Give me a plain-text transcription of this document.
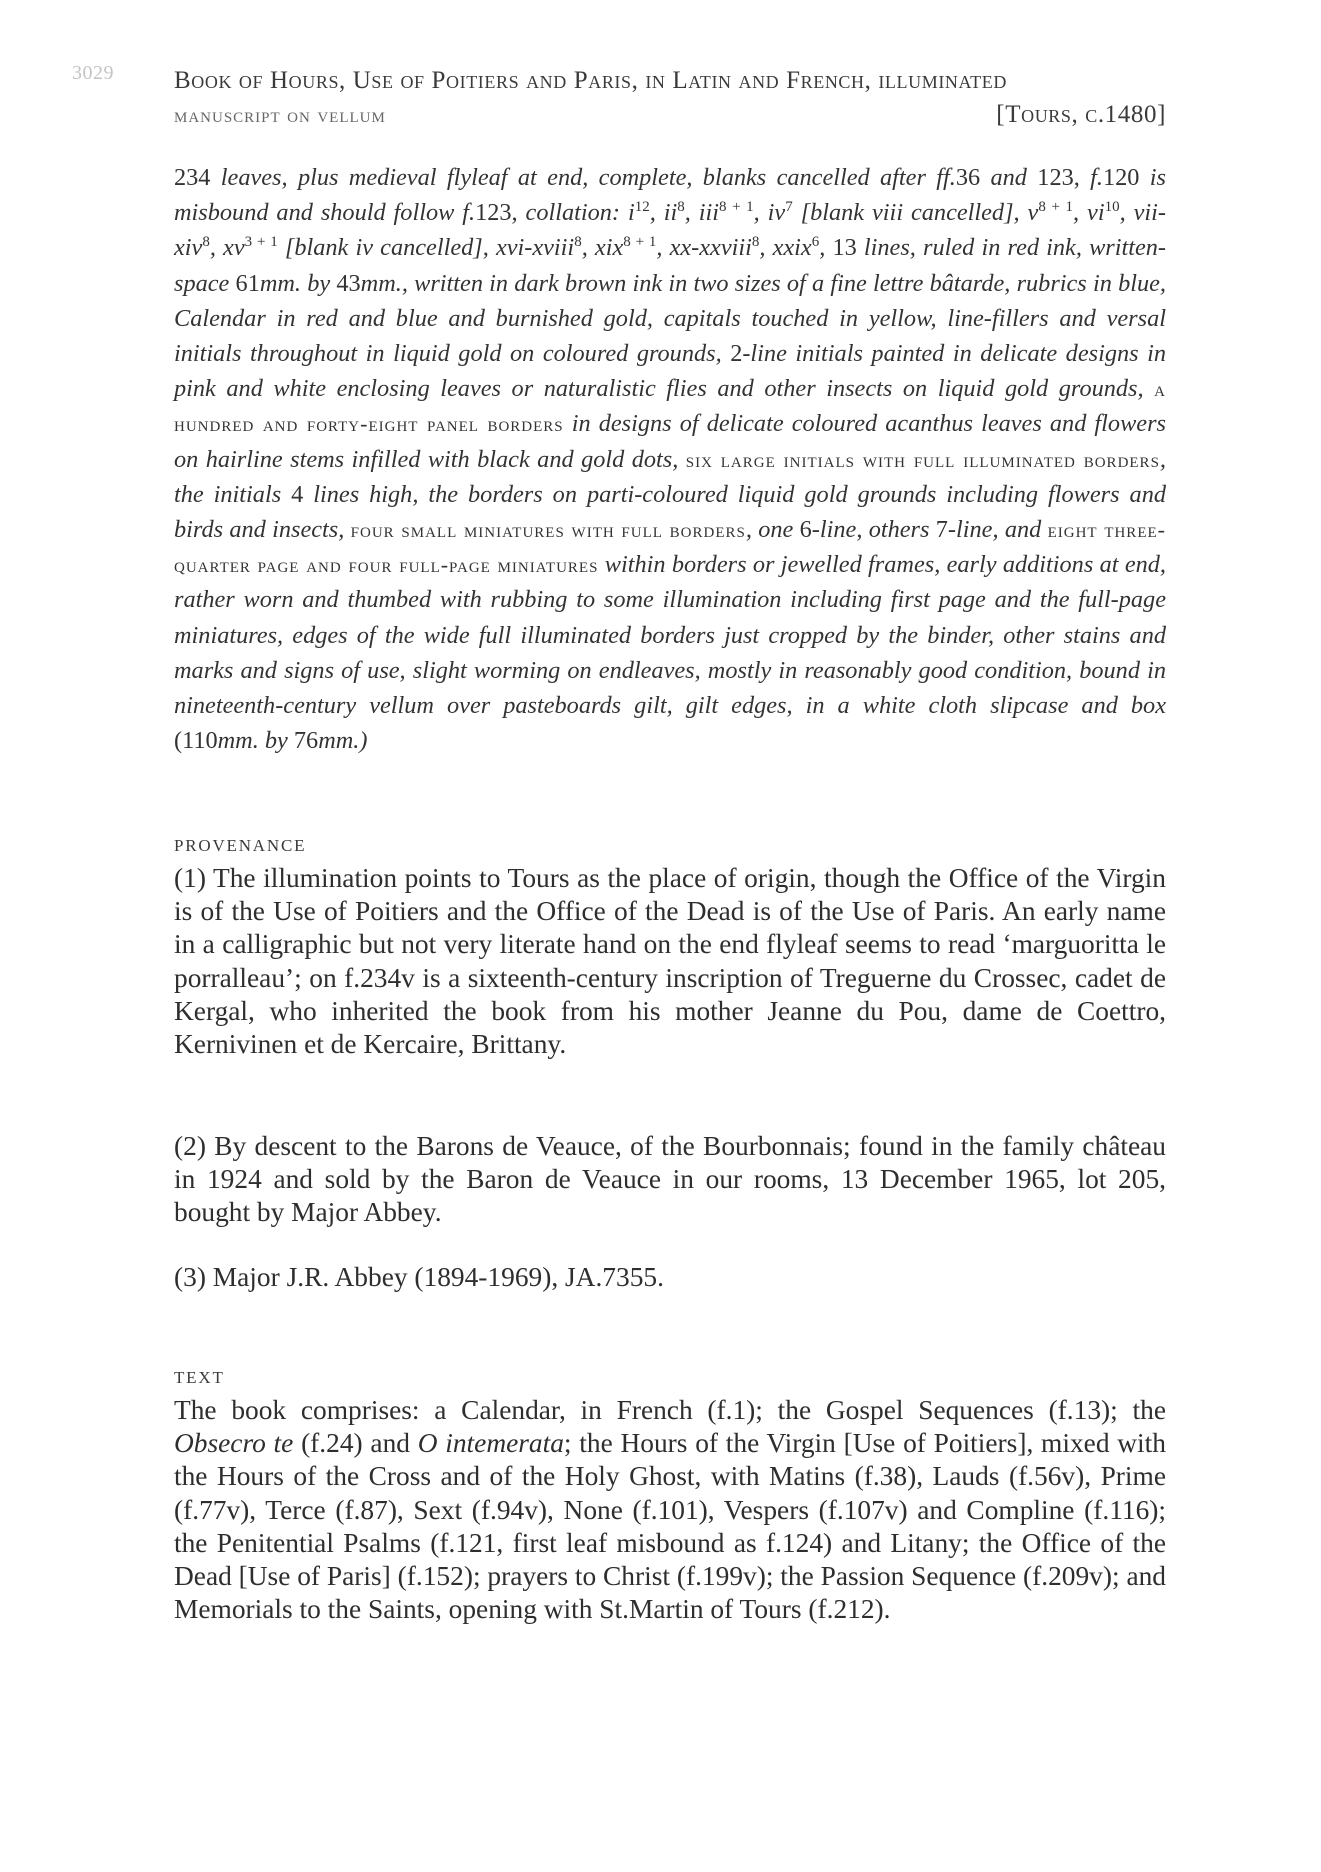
3029 Book of Hours, Use of Poitiers and Paris, in Latin and French, illuminated
manuscript on vellum	[Tours, c.1480]
234 leaves, plus medieval flyleaf at end, complete, blanks cancelled after ff.36 and 123, f.120 is misbound and should follow f.123, collation: $i^{12}$, $ii^8$, iii$^{8 + 1}$, $iv^7$ [blank viii cancelled], $v^{8 + 1}$, $vi^{10}$, vii-xiv$^8$, $xv^{3 + 1}$ [blank iv cancelled], xvi-xviii$^8$, xix$^{8 + 1}$, xx-xxviii$^8$, xxix$^6$, 13 lines, ruled in red ink, written-space 61mm. by 43mm., written in dark brown ink in two sizes of a fine lettre bâtarde, rubrics in blue, Calendar in red and blue and burnished gold, capitals touched in yellow, line-fillers and versal initials throughout in liquid gold on coloured grounds, 2-line initials painted in delicate designs in pink and white enclosing leaves or naturalistic flies and other insects on liquid gold grounds, a hundred and forty-eight panel borders in designs of delicate coloured acanthus leaves and flowers on hairline stems infilled with black and gold dots, six large initials with full illuminated borders, the initials 4 lines high, the borders on parti-coloured liquid gold grounds including flowers and birds and insects, four small miniatures with full borders, one 6-line, others 7-line, and eight three-quarter page and four full-page miniatures within borders or jewelled frames, early additions at end, rather worn and thumbed with rubbing to some illumination including first page and the full-page miniatures, edges of the wide full illuminated borders just cropped by the binder, other stains and marks and signs of use, slight worming on endleaves, mostly in reasonably good condition, bound in nineteenth-century vellum over pasteboards gilt, gilt edges, in a white cloth slipcase and box (110mm. by 76mm.)
PROVENANCE
(1) The illumination points to Tours as the place of origin, though the Office of the Virgin is of the Use of Poitiers and the Office of the Dead is of the Use of Paris. An early name in a calligraphic but not very literate hand on the end flyleaf seems to read ‘marguoritta le porralleau’; on f.234v is a sixteenth-century inscription of Treguerne du Crossec, cadet de Kergal, who inherited the book from his mother Jeanne du Pou, dame de Coettro, Kernivinen et de Kercaire, Brittany.
(2) By descent to the Barons de Veauce, of the Bourbonnais; found in the family château in 1924 and sold by the Baron de Veauce in our rooms, 13 December 1965, lot 205, bought by Major Abbey.
(3) Major J.R. Abbey (1894-1969), JA.7355.
TEXT
The book comprises: a Calendar, in French (f.1); the Gospel Sequences (f.13); the Obsecro te (f.24) and O intemerata; the Hours of the Virgin [Use of Poitiers], mixed with the Hours of the Cross and of the Holy Ghost, with Matins (f.38), Lauds (f.56v), Prime (f.77v), Terce (f.87), Sext (f.94v), None (f.101), Vespers (f.107v) and Compline (f.116); the Penitential Psalms (f.121, first leaf misbound as f.124) and Litany; the Office of the Dead [Use of Paris] (f.152); prayers to Christ (f.199v); the Passion Sequence (f.209v); and Memorials to the Saints, opening with St.Martin of Tours (f.212).
